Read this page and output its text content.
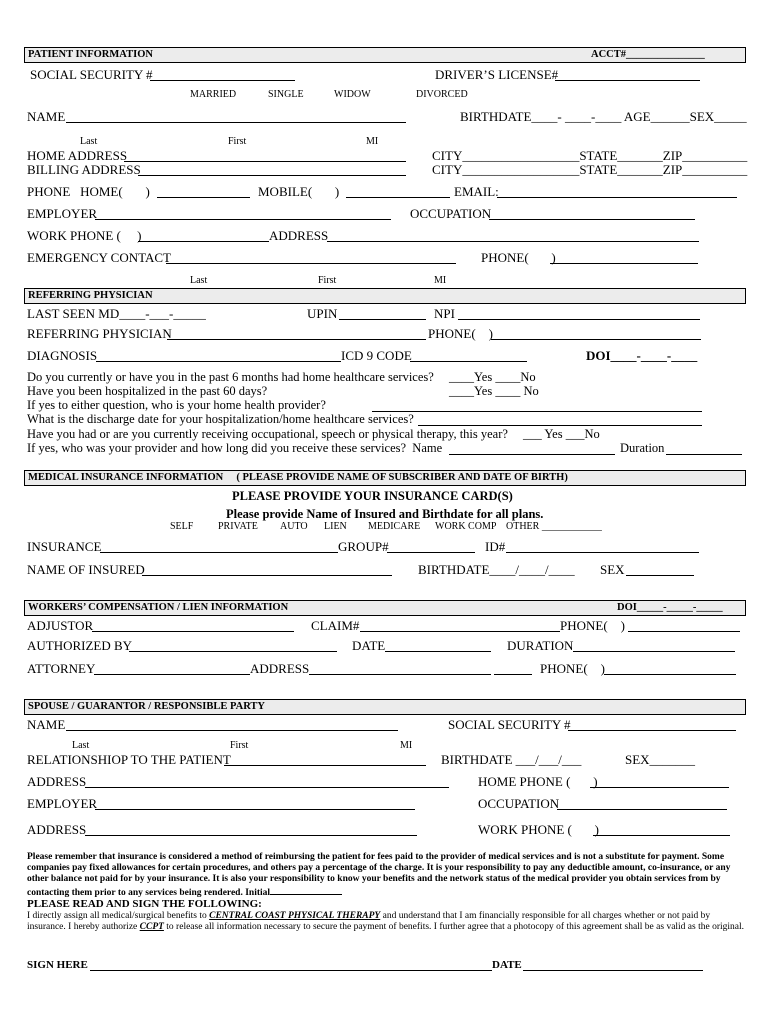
PATIENT INFORMATION	ACCT#_______________
SOCIAL SECURITY #	DRIVER’S LICENSE#
MARRIED	SINGLE	WIDOW	DIVORCED
NAME	BIRTHDATE____- ____-____ AGE______SEX_____
Last	First	MI
HOME ADDRESS	CITY__________________STATE_______ZIP__________
BILLING ADDRESS	CITY__________________STATE_______ZIP__________
PHONE   HOME(       )	MOBILE(       )	EMAIL:
EMPLOYER	OCCUPATION
WORK PHONE (     )	ADDRESS
EMERGENCY CONTACT	PHONE(       )
Last	First	MI
REFERRING PHYSICIAN
LAST SEEN MD____-___-_____	UPIN	NPI
REFERRING PHYSICIAN	PHONE(    )
DIAGNOSIS	ICD 9 CODE	DOI____-____-____
Do you currently or have you in the past 6 months had home healthcare services? ____Yes ____No
Have you been hospitalized in the past 60 days?	____Yes ____ No
If yes to either question, who is your home health provider?
What is the discharge date for your hospitalization/home healthcare services?
Have you had or are you currently receiving occupational, speech or physical therapy, this year? ___ Yes ___No
If yes, who was your provider and how long did you receive these services?  Name	Duration
MEDICAL INSURANCE INFORMATION     ( PLEASE PROVIDE NAME OF SUBSCRIBER AND DATE OF BIRTH)
PLEASE PROVIDE YOUR INSURANCE CARD(S)
Please provide Name of Insured and Birthdate for all plans.
SELF PRIVATE AUTO LIEN MEDICARE WORK COMP OTHER ____________
INSURANCE	GROUP#	ID#
NAME OF INSURED	BIRTHDATE____/____/____ SEX
WORKERS’ COMPENSATION / LIEN INFORMATION	DOI_____-_____-_____
ADJUSTOR	CLAIM#	PHONE(    )
AUTHORIZED BY	DATE	DURATION
ATTORNEY	ADDRESS	PHONE(    )
SPOUSE / GUARANTOR / RESPONSIBLE PARTY
NAME	SOCIAL SECURITY #
Last	First	MI
RELATIONSHIOP TO THE PATIENT	BIRTHDATE ___/___/___	SEX_______
ADDRESS	HOME PHONE (       )
EMPLOYER	OCCUPATION
ADDRESS	WORK PHONE (       )
Please remember that insurance is considered a method of reimbursing the patient for fees paid to the provider of medical services and is not a substitute for payment. Some companies pay fixed allowances for certain procedures, and others pay a percentage of the charge. It is your responsibility to pay any deductible amount, co-insurance, or any other balance not paid for by your insurance. It is also your responsibility to know your benefits and the network status of the medical provider you obtain services from by contacting them prior to any services being rendered. Initial
PLEASE READ AND SIGN THE FOLLOWING:
I directly assign all medical/surgical benefits to CENTRAL COAST PHYSICAL THERAPY and understand that I am financially responsible for all charges whether or not paid by insurance. I hereby authorize CCPT to release all information necessary to secure the payment of benefits. I further agree that a photocopy of this agreement shall be as valid as the original.
SIGN HERE	DATE
